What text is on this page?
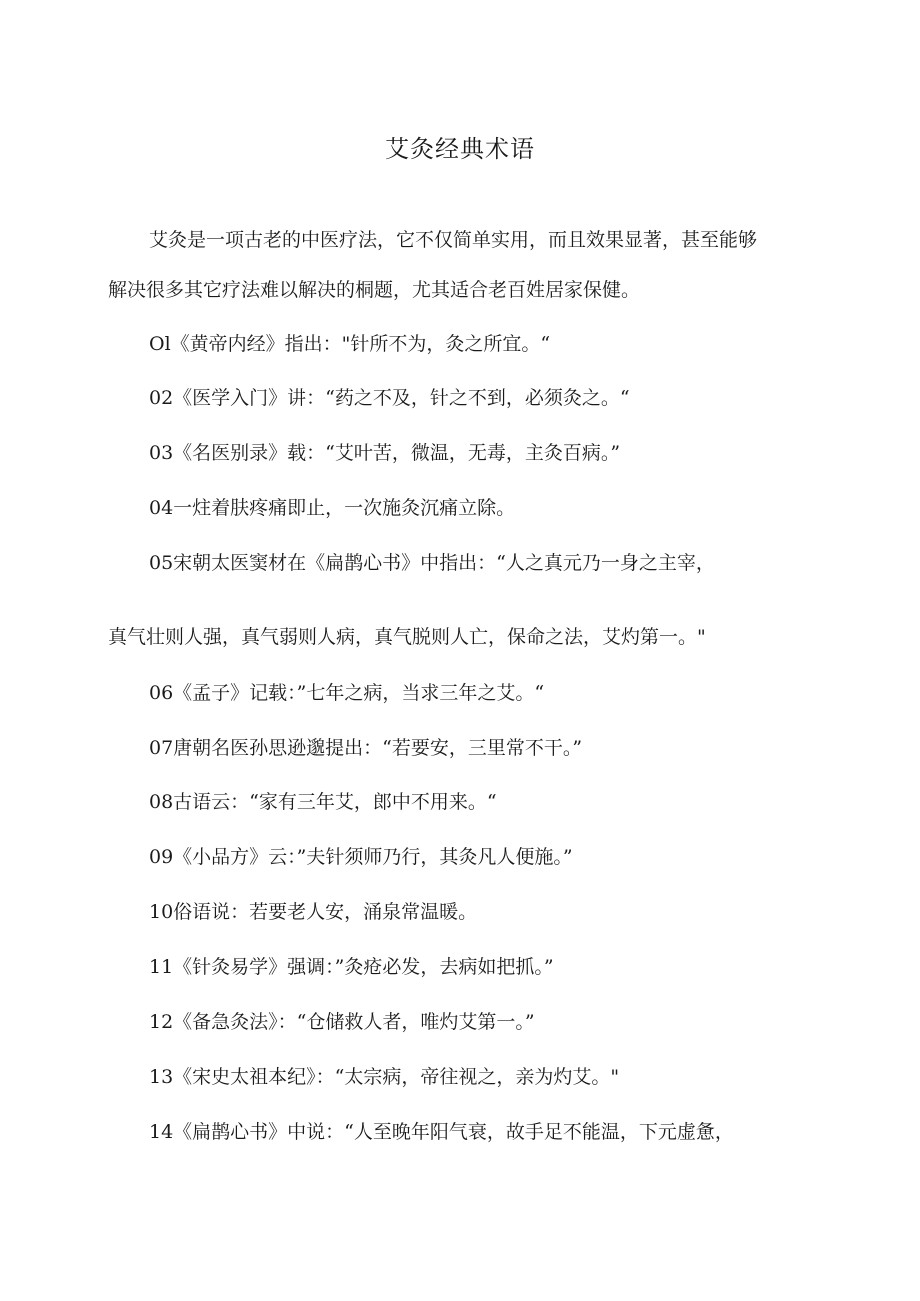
艾灸经典术语
艾灸是一项古老的中医疗法，它不仅简单实用，而且效果显著，甚至能够
解决很多其它疗法难以解决的桐题，尤其适合老百姓居家保健。
Ol《黄帝内经》指出："针所不为，灸之所宜。“
02《医学入门》讲：“药之不及，针之不到，必须灸之。“
03《名医别录》载：“艾叶苦，微温，无毒，主灸百病。”
04一炷着肤疼痛即止，一次施灸沉痛立除。
05宋朝太医窦材在《扁鹊心书》中指出：“人之真元乃一身之主宰，
真气壮则人强，真气弱则人病，真气脱则人亡，保命之法，艾灼第一。"
06《孟子》记载：”七年之病，当求三年之艾。“
07唐朝名医孙思逊邈提出：“若要安，三里常不干。”
08古语云：“家有三年艾，郎中不用来。“
09《小品方》云：”夫针须师乃行，其灸凡人便施。”
10俗语说：若要老人安，涌泉常温暖。
11《针灸易学》强调：”灸疮必发，去病如把抓。”
12《备急灸法》：“仓储救人者，唯灼艾第一。”
13《宋史太祖本纪》：“太宗病，帝往视之，亲为灼艾。"
14《扁鹊心书》中说：“人至晚年阳气衰，故手足不能温，下元虚惫，
